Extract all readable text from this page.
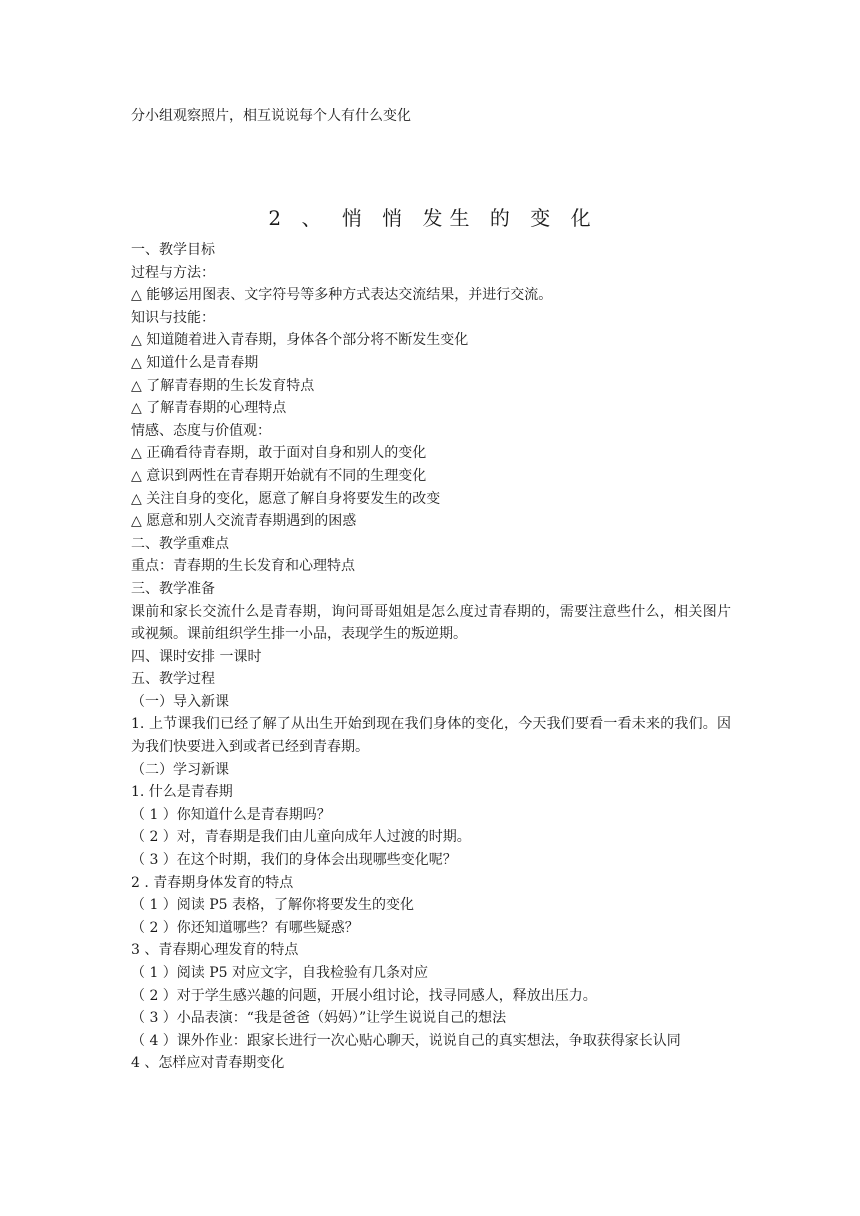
分小组观察照片，相互说说每个人有什么变化
2 、 悄 悄 发生 的 变 化
一、教学目标
过程与方法：
△ 能够运用图表、文字符号等多种方式表达交流结果，并进行交流。
知识与技能：
△ 知道随着进入青春期，身体各个部分将不断发生变化
△ 知道什么是青春期
△ 了解青春期的生长发育特点
△ 了解青春期的心理特点
情感、态度与价值观：
△ 正确看待青春期，敢于面对自身和别人的变化
△ 意识到两性在青春期开始就有不同的生理变化
△ 关注自身的变化，愿意了解自身将要发生的改变
△ 愿意和别人交流青春期遇到的困惑
二、教学重难点
重点：青春期的生长发育和心理特点
三、教学准备
课前和家长交流什么是青春期，询问哥哥姐姐是怎么度过青春期的，需要注意些什么，相关图片或视频。课前组织学生排一小品，表现学生的叛逆期。
四、课时安排 一课时
五、教学过程
（一）导入新课
1. 上节课我们已经了解了从出生开始到现在我们身体的变化，今天我们要看一看未来的我们。因为我们快要进入到或者已经到青春期。
（二）学习新课
1. 什么是青春期
（ 1 ）你知道什么是青春期吗？
（ 2 ）对，青春期是我们由儿童向成年人过渡的时期。
（ 3 ）在这个时期，我们的身体会出现哪些变化呢？
2 . 青春期身体发育的特点
（ 1 ）阅读 P5 表格，了解你将要发生的变化
（ 2 ）你还知道哪些？有哪些疑惑？
3 、青春期心理发育的特点
（ 1 ）阅读 P5 对应文字，自我检验有几条对应
（ 2 ）对于学生感兴趣的问题，开展小组讨论，找寻同感人，释放出压力。
（ 3 ）小品表演：“我是爸爸（妈妈）”让学生说说自己的想法
（ 4 ）课外作业：跟家长进行一次心贴心聊天，说说自己的真实想法，争取获得家长认同
4 、怎样应对青春期变化
